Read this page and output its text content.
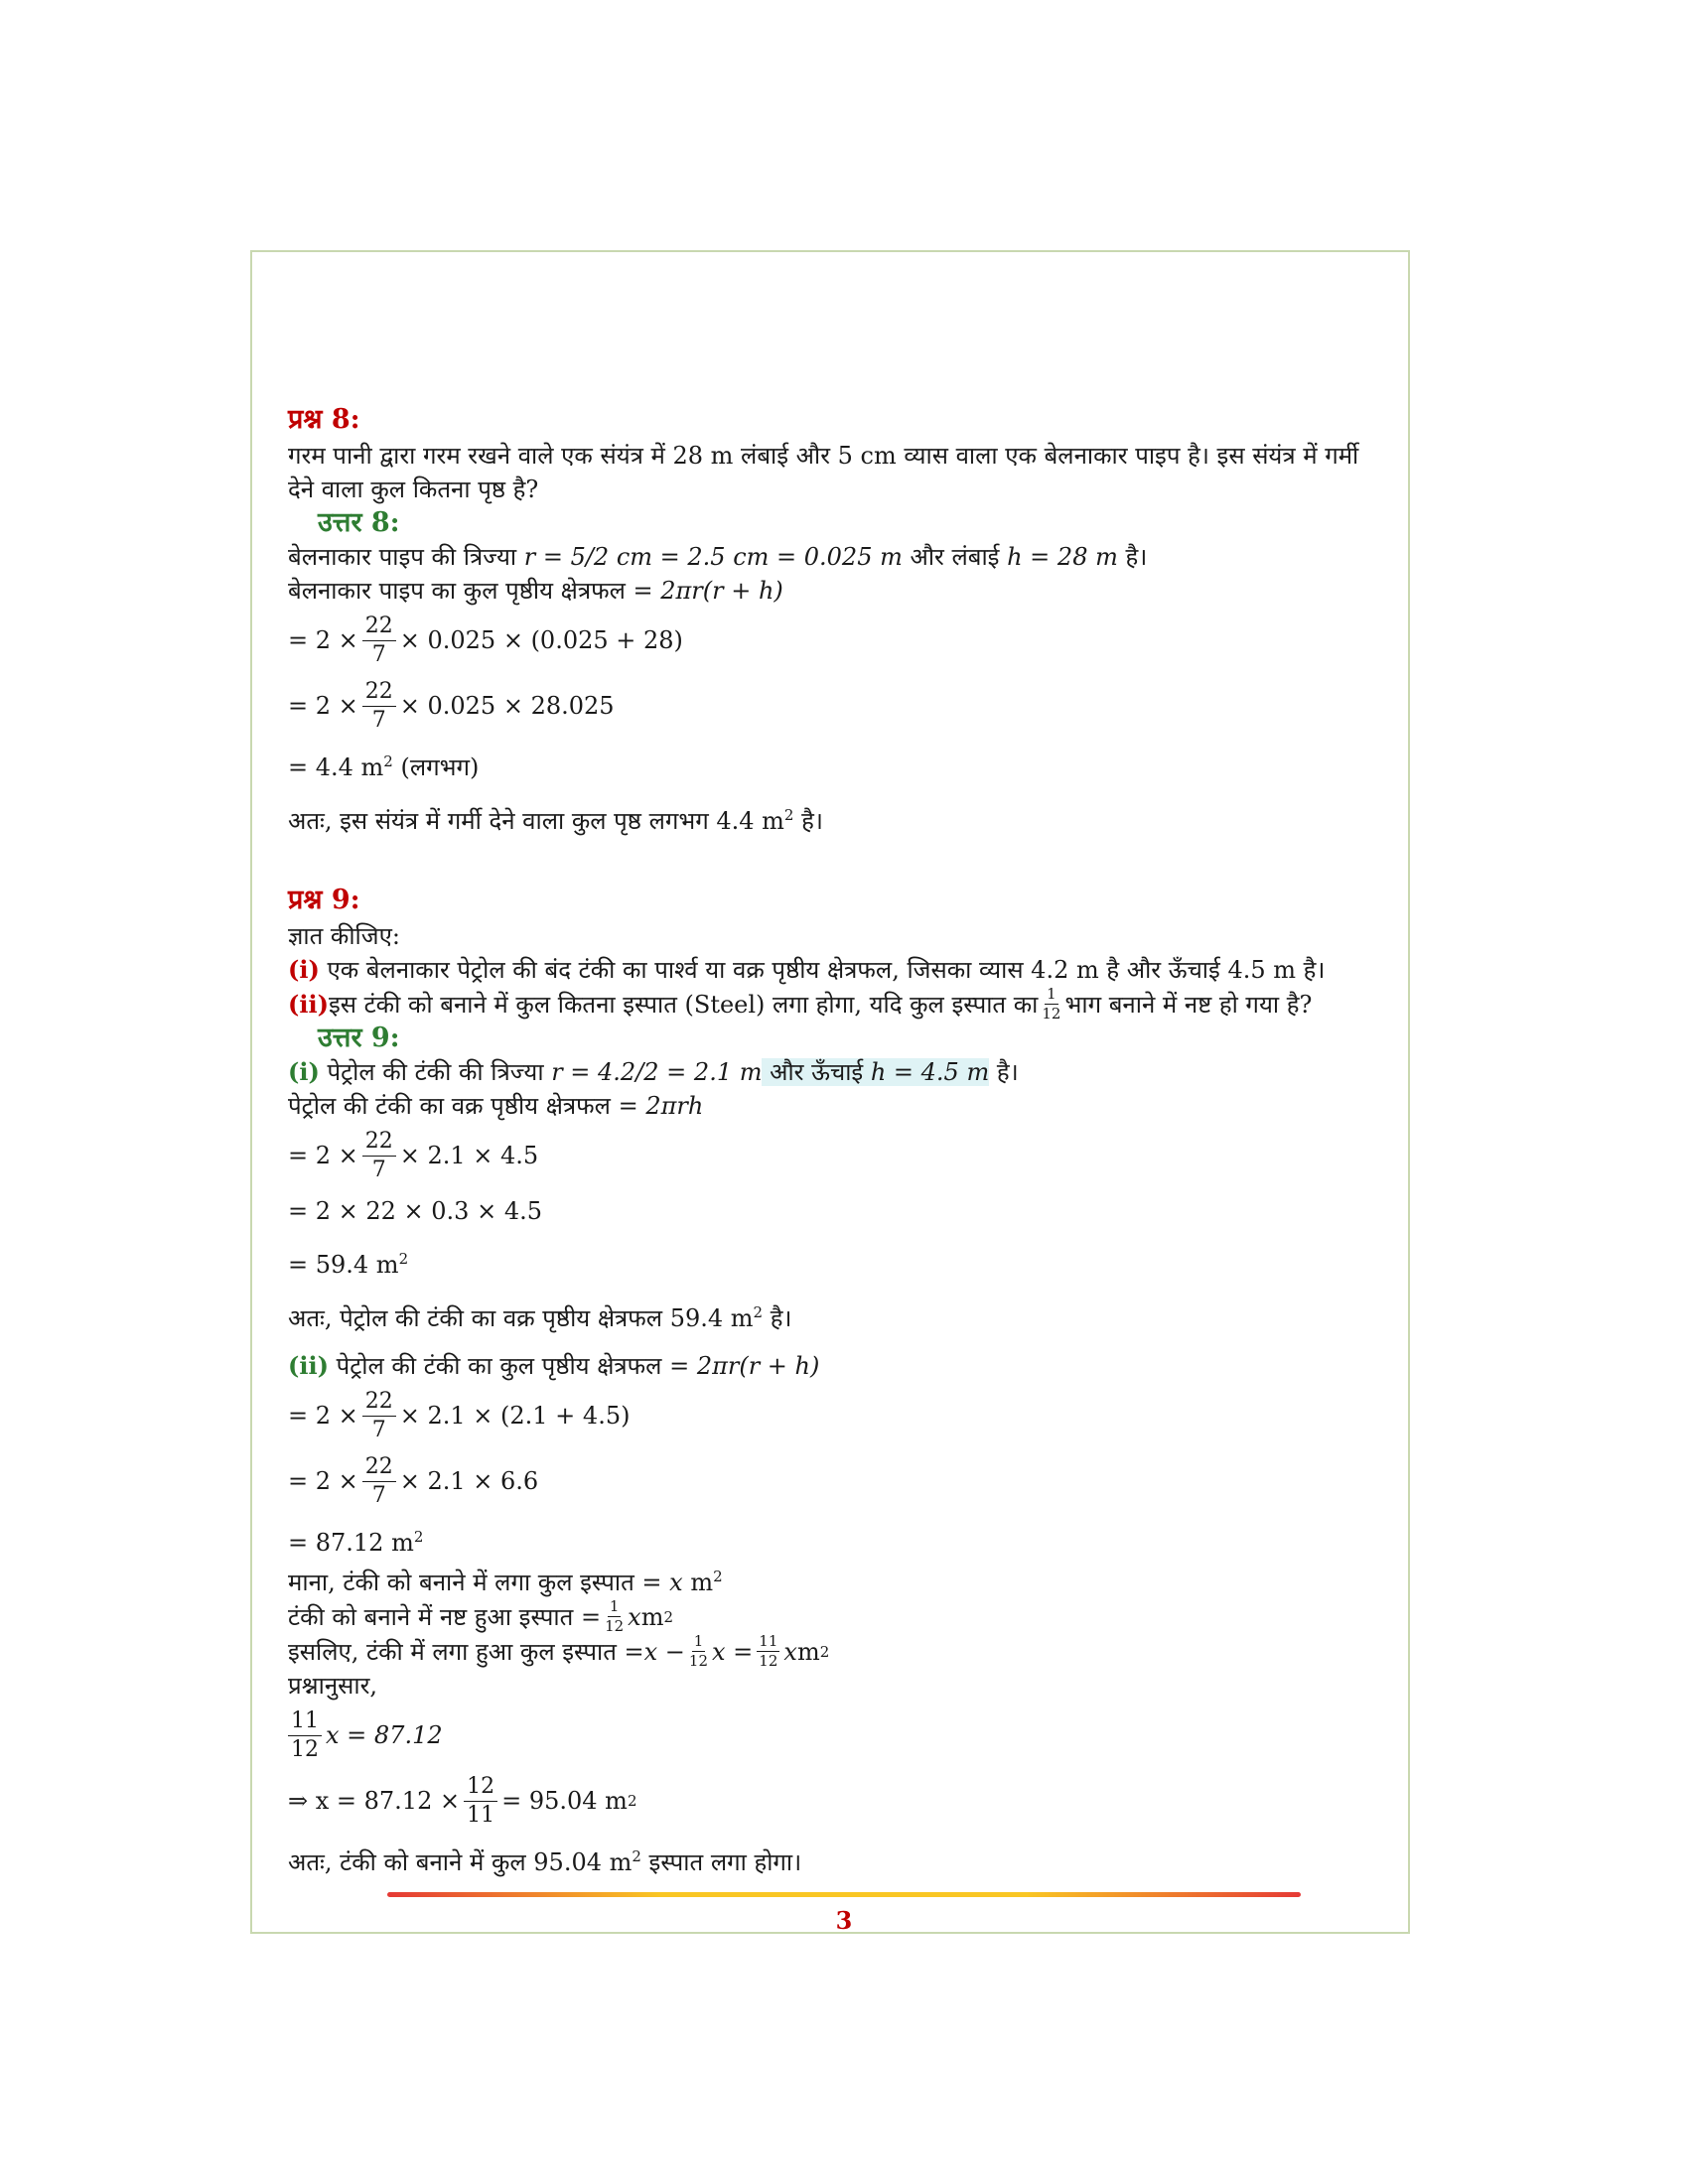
प्रश्न 8:
गरम पानी द्वारा गरम रखने वाले एक संयंत्र में 28 m लंबाई और 5 cm व्यास वाला एक बेलनाकार पाइप है। इस संयंत्र में गर्मी देने वाला कुल कितना पृष्ठ है?
उत्तर 8:
बेलनाकार पाइप की त्रिज्या r = 5/2 cm = 2.5 cm = 0.025 m और लंबाई h = 28 m है।
बेलनाकार पाइप का कुल पृष्ठीय क्षेत्रफल = 2πr(r + h)
= $2 \times \frac{22}{7} \times 0.025 \times (0.025 + 28)$
= $2 \times \frac{22}{7} \times 0.025 \times 28.025$
= 4.4 $m^2$ (लगभग)
अतः, इस संयंत्र में गर्मी देने वाला कुल पृष्ठ लगभग 4.4 $m^2$ है।
प्रश्न 9:
ज्ञात कीजिए:
(i) एक बेलनाकार पेट्रोल की बंद टंकी का पार्श्व या वक्र पृष्ठीय क्षेत्रफल, जिसका व्यास 4.2 m है और ऊँचाई 4.5 m है।
(ii) इस टंकी को बनाने में कुल कितना इस्पात (Steel) लगा होगा, यदि कुल इस्पात का $\frac{1}{12}$ भाग बनाने में नष्ट हो गया है?
उत्तर 9:
(i) पेट्रोल की टंकी की त्रिज्या r = 4.2/2 = 2.1 m और ऊँचाई h = 4.5 m है।
पेट्रोल की टंकी का वक्र पृष्ठीय क्षेत्रफल = 2πrh
= $2 \times \frac{22}{7} \times 2.1 \times 4.5$
= 2 × 22 × 0.3 × 4.5
= 59.4 $m^2$
अतः, पेट्रोल की टंकी का वक्र पृष्ठीय क्षेत्रफल 59.4 $m^2$ है।
(ii) पेट्रोल की टंकी का कुल पृष्ठीय क्षेत्रफल = 2πr(r + h)
= $2 \times \frac{22}{7} \times 2.1 \times (2.1 + 4.5)$
= $2 \times \frac{22}{7} \times 2.1 \times 6.6$
= 87.12 $m^2$
माना, टंकी को बनाने में लगा कुल इस्पात = x $m^2$
टंकी को बनाने में नष्ट हुआ इस्पात = $\frac{1}{12}$ x m 2
इसलिए, टंकी में लगा हुआ कुल इस्पात = $x - \frac{1}{12}$ $x = \frac{11}{12}$ x m 2
प्रश्नानुसार,
$\frac{11}{12}$ x = 87.12
⇒ $x = 87.12 \times \frac{12}{11} = 95.04$ m 2
अतः, टंकी को बनाने में कुल 95.04 $m^2$ इस्पात लगा होगा।
3
